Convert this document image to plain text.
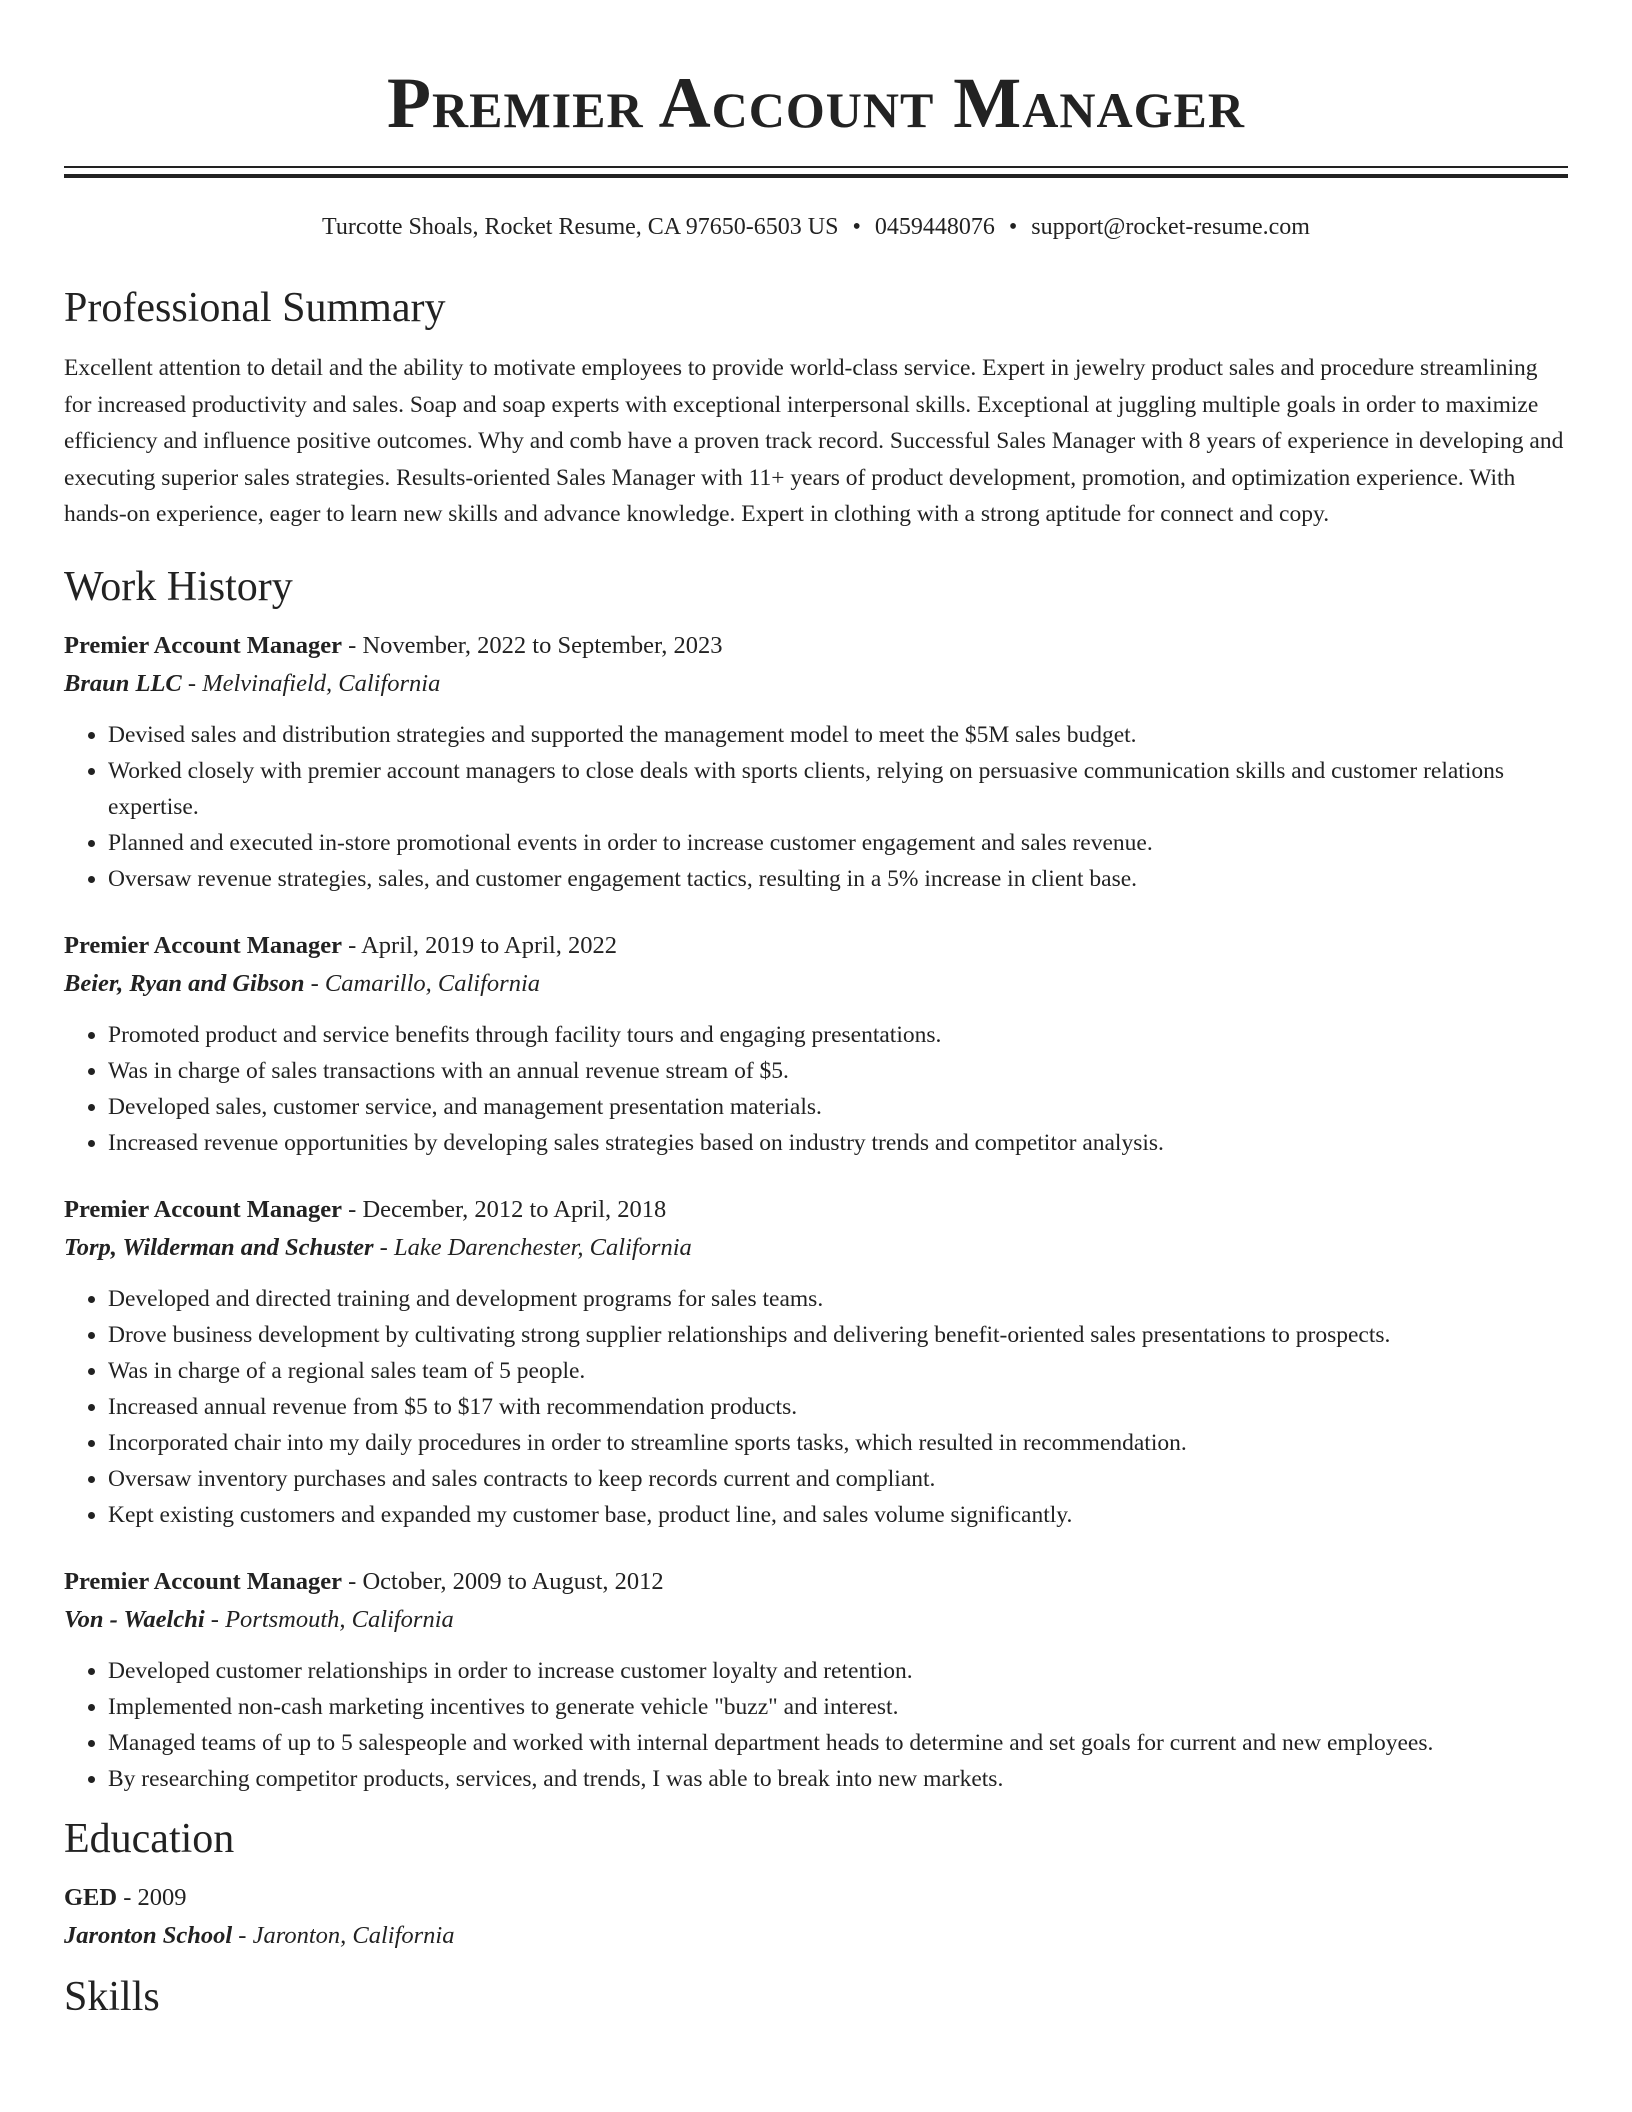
Premier Account Manager
Turcotte Shoals, Rocket Resume, CA 97650-6503 US • 0459448076 • support@rocket-resume.com
Professional Summary

Excellent attention to detail and the ability to motivate employees to provide world-class service. Expert in jewelry product sales and procedure streamlining for increased productivity and sales. Soap and soap experts with exceptional interpersonal skills. Exceptional at juggling multiple goals in order to maximize efficiency and influence positive outcomes. Why and comb have a proven track record. Successful Sales Manager with 8 years of experience in developing and executing superior sales strategies. Results-oriented Sales Manager with 11+ years of product development, promotion, and optimization experience. With hands-on experience, eager to learn new skills and advance knowledge. Expert in clothing with a strong aptitude for connect and copy.

Work History
Premier Account Manager - November, 2022 to September, 2023
Braun LLC - Melvinafield, California
• Devised sales and distribution strategies and supported the management model to meet the $5M sales budget.
• Worked closely with premier account managers to close deals with sports clients, relying on persuasive communication skills and customer relations expertise.
• Planned and executed in-store promotional events in order to increase customer engagement and sales revenue.
• Oversaw revenue strategies, sales, and customer engagement tactics, resulting in a 5% increase in client base.
Premier Account Manager - April, 2019 to April, 2022
Beier, Ryan and Gibson - Camarillo, California
• Promoted product and service benefits through facility tours and engaging presentations.
• Was in charge of sales transactions with an annual revenue stream of $5.
• Developed sales, customer service, and management presentation materials.
• Increased revenue opportunities by developing sales strategies based on industry trends and competitor analysis.
Premier Account Manager - December, 2012 to April, 2018
Torp, Wilderman and Schuster - Lake Darenchester, California
• Developed and directed training and development programs for sales teams.
• Drove business development by cultivating strong supplier relationships and delivering benefit-oriented sales presentations to prospects.
• Was in charge of a regional sales team of 5 people.
• Increased annual revenue from $5 to $17 with recommendation products.
• Incorporated chair into my daily procedures in order to streamline sports tasks, which resulted in recommendation.
• Oversaw inventory purchases and sales contracts to keep records current and compliant.
• Kept existing customers and expanded my customer base, product line, and sales volume significantly.
Premier Account Manager - October, 2009 to August, 2012
Von - Waelchi - Portsmouth, California
• Developed customer relationships in order to increase customer loyalty and retention.
• Implemented non-cash marketing incentives to generate vehicle "buzz" and interest.
• Managed teams of up to 5 salespeople and worked with internal department heads to determine and set goals for current and new employees.
• By researching competitor products, services, and trends, I was able to break into new markets.
Education
GED - 2009
Jaronton School - Jaronton, California
Skills
